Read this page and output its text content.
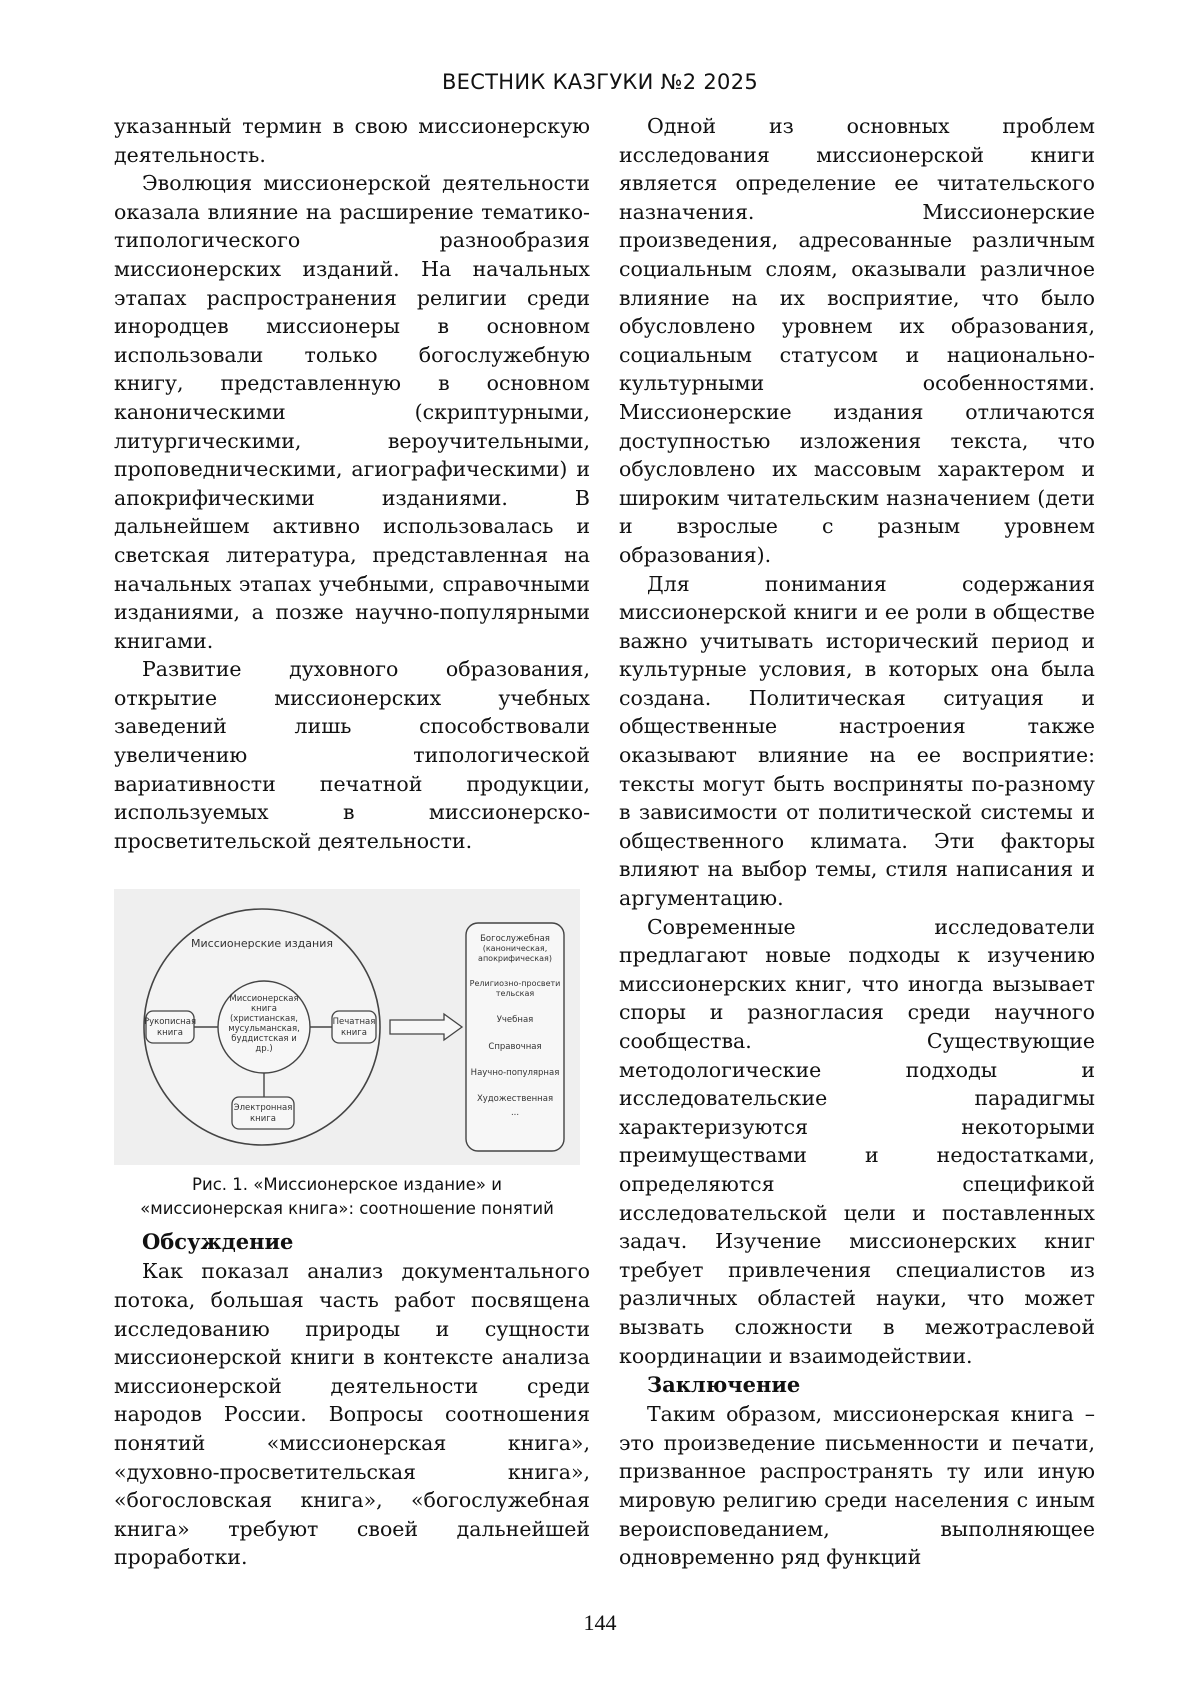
ВЕСТНИК КАЗГУКИ №2 2025

указанный термин в свою миссионерскую деятельность.

Эволюция миссионерской деятельности оказала влияние на расширение тематико-типологического разнообразия миссионерских изданий. На начальных этапах распространения религии среди инородцев миссионеры в основном использовали только богослужебную книгу, представленную в основном каноническими (скриптурными, литургическими, вероучительными, проповедническими, агиографическими) и апокрифическими изданиями. В дальнейшем активно использовалась и светская литература, представленная на начальных этапах учебными, справочными изданиями, а позже научно-популярными книгами.

Развитие духовного образования, открытие миссионерских учебных заведений лишь способствовали увеличению типологической вариативности печатной продукции, используемых в миссионерско-просветительской деятельности.

Миссионерские издания
Миссионерская
книга
(христианская,
мусульманская,
буддистская и
др.)
Рукописная
книга
Печатная
книга
Электронная
книга
Богослужебная
(каноническая,
апокрифическая)
Религиозно-просвети
тельская
Учебная
Справочная
Научно-популярная
Художественная
...
Рис. 1. «Миссионерское издание» и
«миссионерская книга»: соотношение понятий
Обсуждение

Как показал анализ документального потока, большая часть работ посвящена исследованию природы и сущности миссионерской книги в контексте анализа миссионерской деятельности среди народов России. Вопросы соотношения понятий «миссионерская книга», «духовно-просветительская книга», «богословская книга», «богослужебная книга» требуют своей дальнейшей проработки.

Одной из основных проблем исследования миссионерской книги является определение ее читательского назначения. Миссионерские произведения, адресованные различным социальным слоям, оказывали различное влияние на их восприятие, что было обусловлено уровнем их образования, социальным статусом и национально-культурными особенностями. Миссионерские издания отличаются доступностью изложения текста, что обусловлено их массовым характером и широким читательским назначением (дети и взрослые с разным уровнем образования).

Для понимания содержания миссионерской книги и ее роли в обществе важно учитывать исторический период и культурные условия, в которых она была создана. Политическая ситуация и общественные настроения также оказывают влияние на ее восприятие: тексты могут быть восприняты по-разному в зависимости от политической системы и общественного климата. Эти факторы влияют на выбор темы, стиля написания и аргументацию.

Современные исследователи предлагают новые подходы к изучению миссионерских книг, что иногда вызывает споры и разногласия среди научного сообщества. Существующие методологические подходы и исследовательские парадигмы характеризуются некоторыми преимуществами и недостатками, определяются спецификой исследовательской цели и поставленных задач. Изучение миссионерских книг требует привлечения специалистов из различных областей науки, что может вызвать сложности в межотраслевой координации и взаимодействии.

Заключение

Таким образом, миссионерская книга – это произведение письменности и печати, призванное распространять ту или иную мировую религию среди населения с иным вероисповеданием, выполняющее одновременно ряд функций

144
